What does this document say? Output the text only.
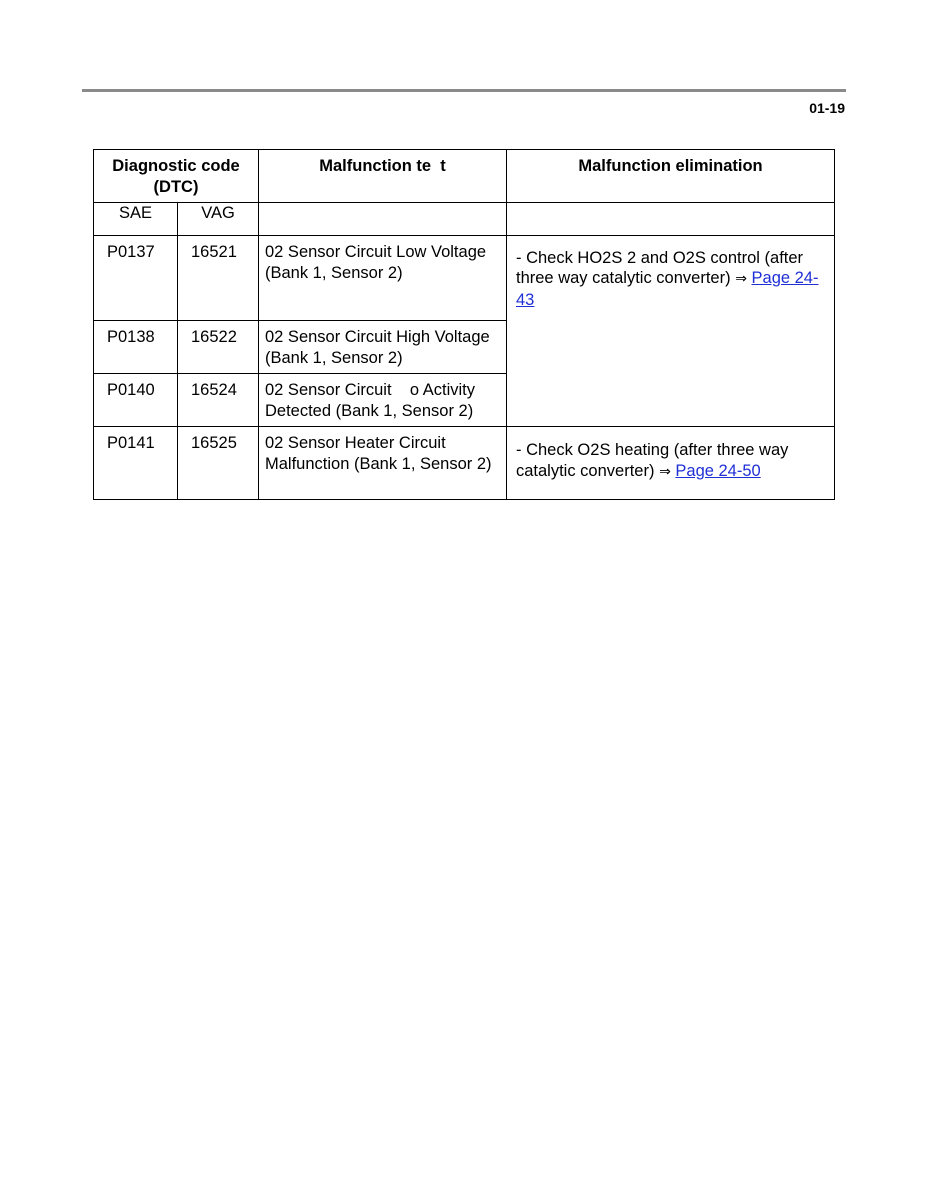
01-19
Diagnostic code (DTC)		Malfunction te  t	Malfunction elimination
SAE	VAG		
P0137	16521	02 Sensor Circuit Low Voltage (Bank 1, Sensor 2)	- Check HO2S 2 and O2S control (after three way catalytic converter) ⇒ Page 24-43
P0138	16522	02 Sensor Circuit High Voltage (Bank 1, Sensor 2)	
P0140	16524	02 Sensor Circuit    o Activity Detected (Bank 1, Sensor 2)	
P0141	16525	02 Sensor Heater Circuit Malfunction (Bank 1, Sensor 2)	- Check O2S heating (after three way catalytic converter) ⇒ Page 24-50
